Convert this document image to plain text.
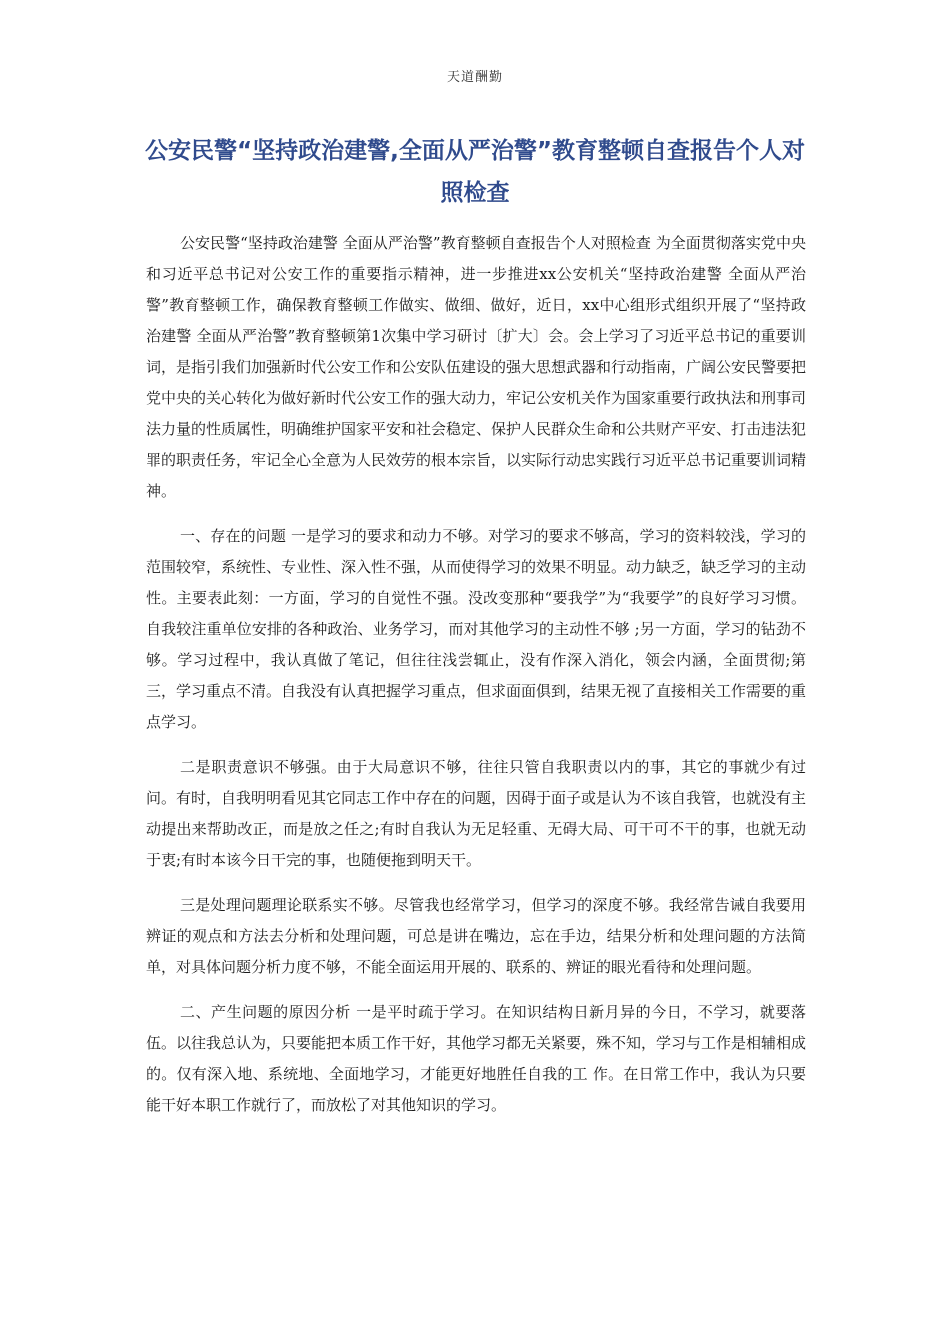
天道酬勤
公安民警“坚持政治建警,全面从严治警”教育整顿自查报告个人对照检查

公安民警“坚持政治建警 全面从严治警”教育整顿自查报告个人对照检查 为全面贯彻落实党中央和习近平总书记对公安工作的重要指示精神，进一步推进xx公安机关“坚持政治建警 全面从严治警”教育整顿工作，确保教育整顿工作做实、做细、做好，近日，xx中心组形式组织开展了“坚持政治建警 全面从严治警”教育整顿第1次集中学习研讨〔扩大〕会。会上学习了习近平总书记的重要训词，是指引我们加强新时代公安工作和公安队伍建设的强大思想武器和行动指南，广阔公安民警要把党中央的关心转化为做好新时代公安工作的强大动力，牢记公安机关作为国家重要行政执法和刑事司法力量的性质属性，明确维护国家平安和社会稳定、保护人民群众生命和公共财产平安、打击违法犯罪的职责任务，牢记全心全意为人民效劳的根本宗旨，以实际行动忠实践行习近平总书记重要训词精神。

一、存在的问题 一是学习的要求和动力不够。对学习的要求不够高，学习的资料较浅，学习的范围较窄，系统性、专业性、深入性不强，从而使得学习的效果不明显。动力缺乏，缺乏学习的主动性。主要表此刻：一方面，学习的自觉性不强。没改变那种“要我学”为“我要学”的良好学习习惯。自我较注重单位安排的各种政治、业务学习，而对其他学习的主动性不够 ;另一方面，学习的钻劲不够。学习过程中，我认真做了笔记，但往往浅尝辄止，没有作深入消化，领会内涵，全面贯彻;第三，学习重点不清。自我没有认真把握学习重点，但求面面俱到，结果无视了直接相关工作需要的重点学习。

二是职责意识不够强。由于大局意识不够，往往只管自我职责以内的事，其它的事就少有过问。有时，自我明明看见其它同志工作中存在的问题，因碍于面子或是认为不该自我管，也就没有主动提出来帮助改正，而是放之任之;有时自我认为无足轻重、无碍大局、可干可不干的事，也就无动于衷;有时本该今日干完的事，也随便拖到明天干。

三是处理问题理论联系实不够。尽管我也经常学习，但学习的深度不够。我经常告诫自我要用辨证的观点和方法去分析和处理问题，可总是讲在嘴边，忘在手边，结果分析和处理问题的方法简单，对具体问题分析力度不够，不能全面运用开展的、联系的、辨证的眼光看待和处理问题。

二、产生问题的原因分析 一是平时疏于学习。在知识结构日新月异的今日，不学习，就要落伍。以往我总认为，只要能把本质工作干好，其他学习都无关紧要，殊不知，学习与工作是相辅相成的。仅有深入地、系统地、全面地学习，才能更好地胜任自我的工 作。在日常工作中，我认为只要能干好本职工作就行了，而放松了对其他知识的学习。
